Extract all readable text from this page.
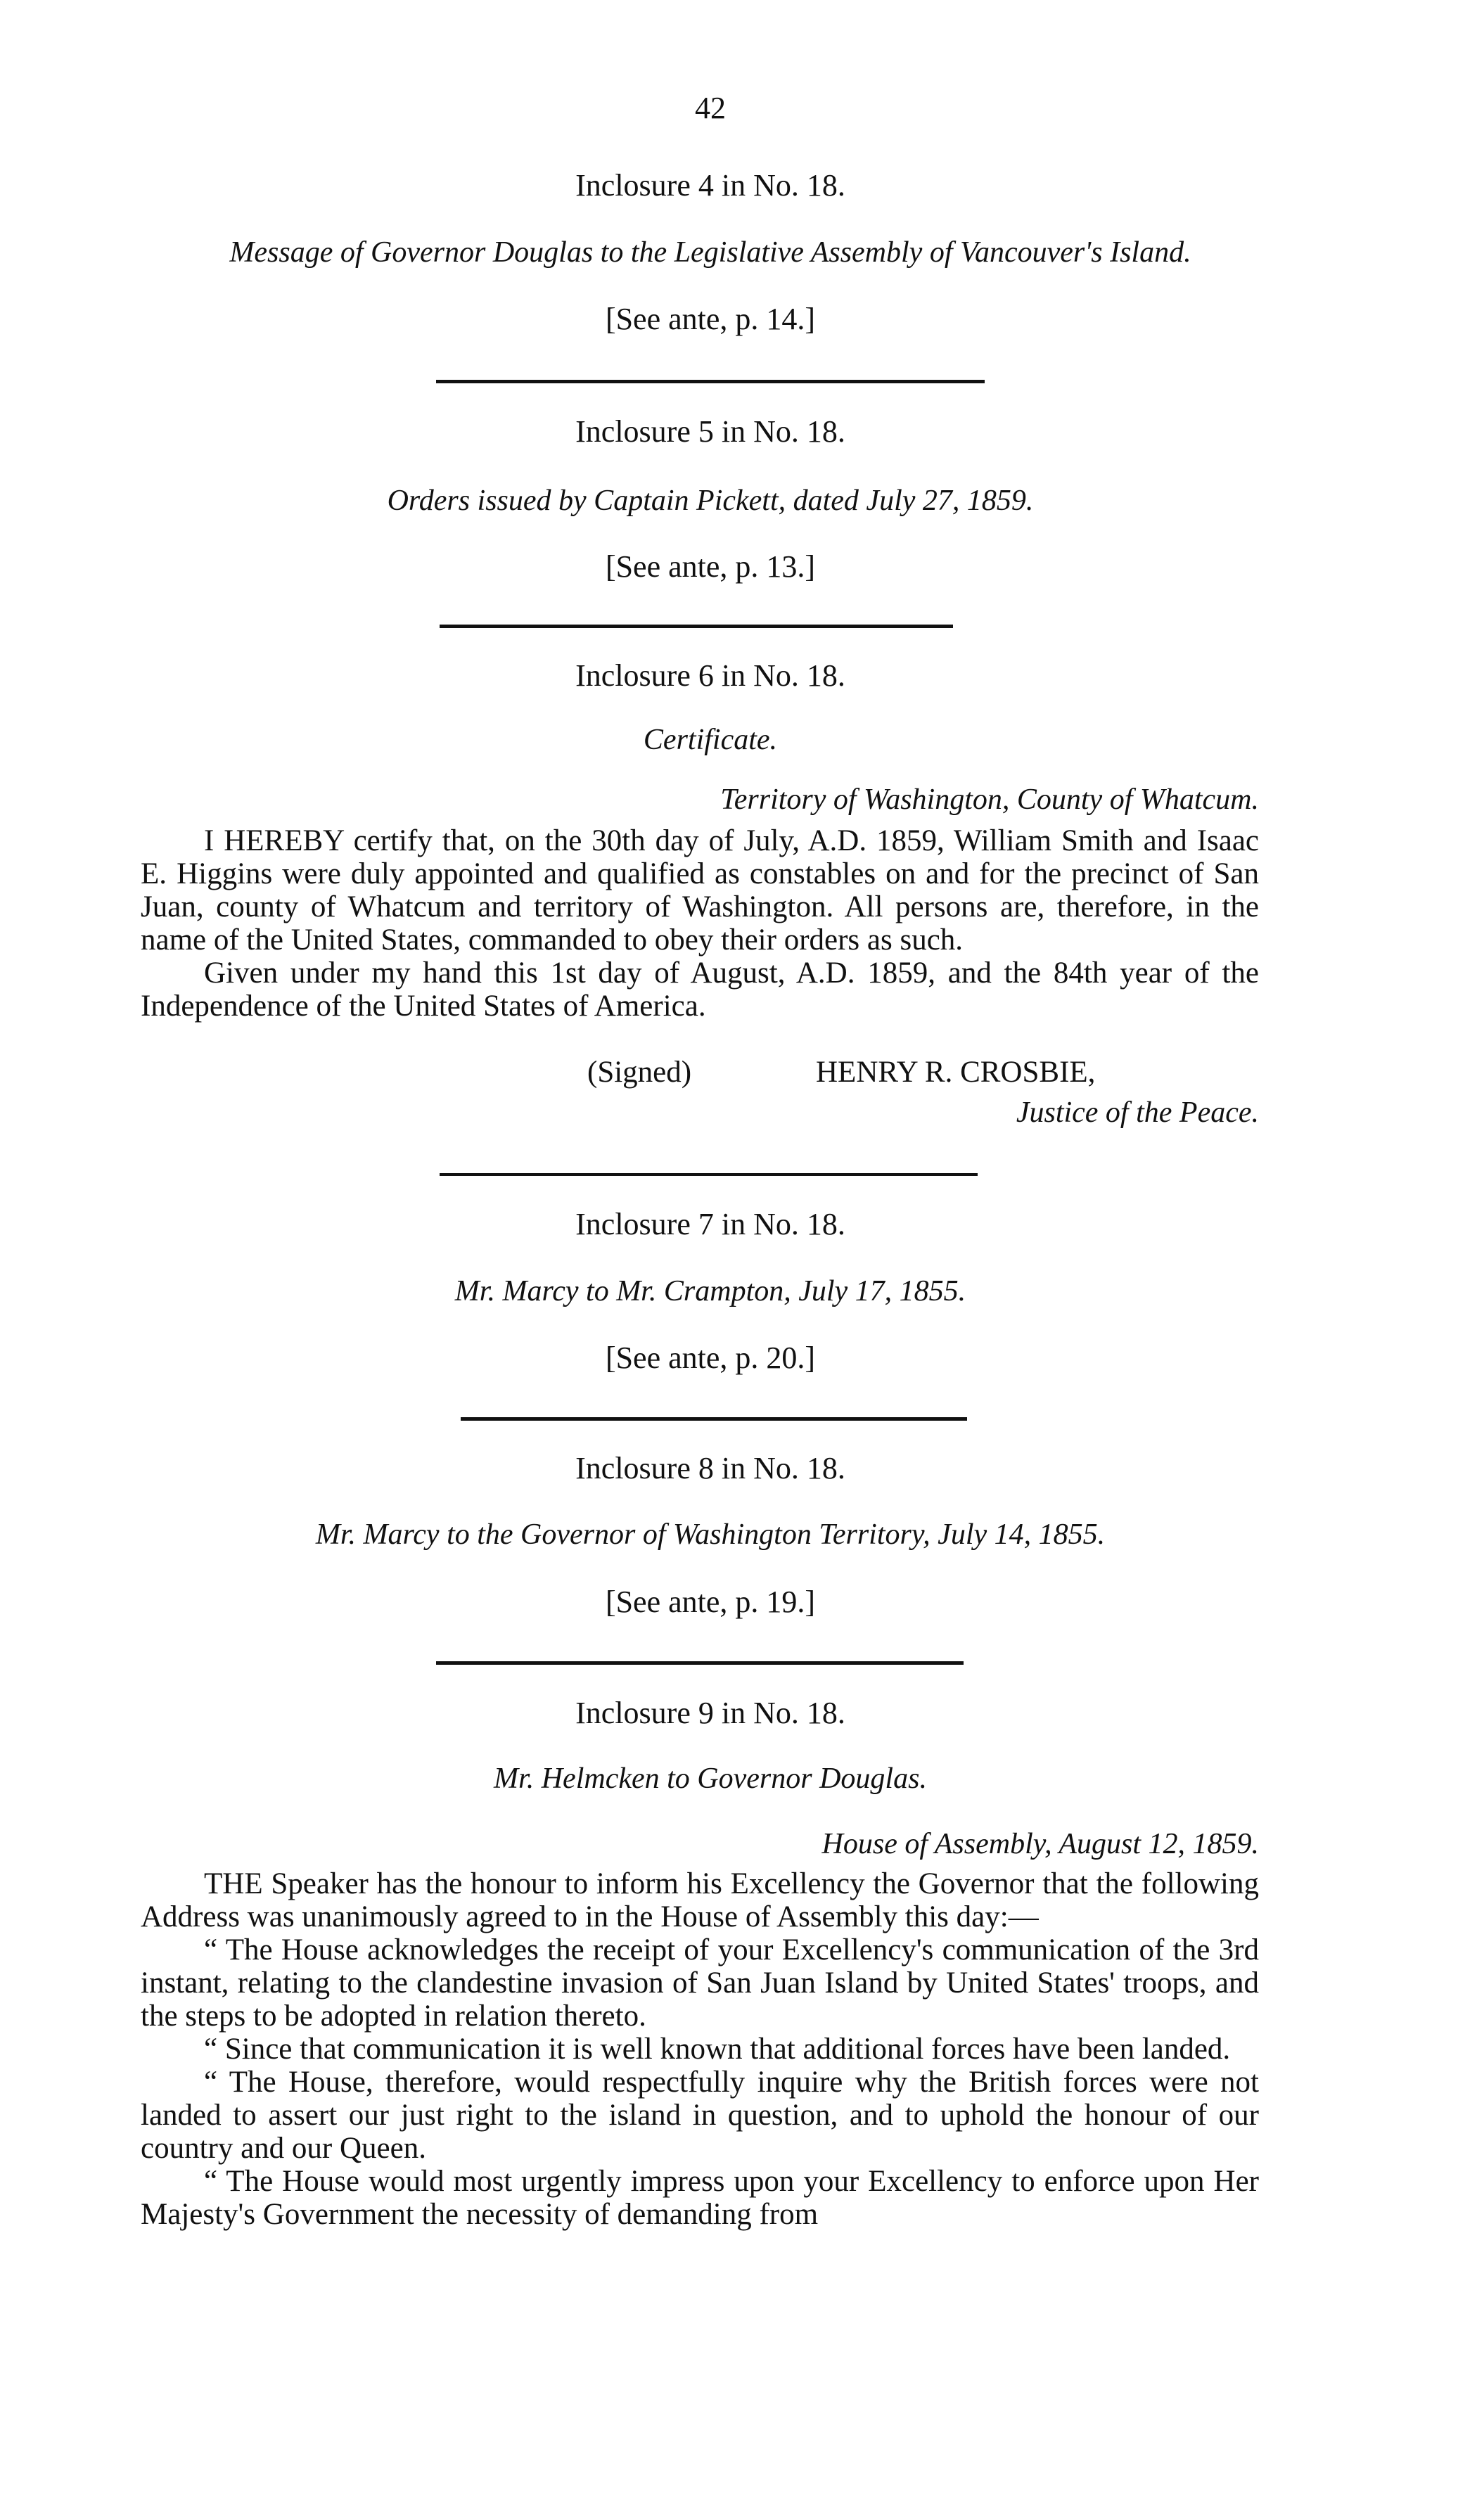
42
Inclosure 4 in No. 18.
Message of Governor Douglas to the Legislative Assembly of Vancouver's Island.
[See ante, p. 14.]
Inclosure 5 in No. 18.
Orders issued by Captain Pickett, dated July 27, 1859.
[See ante, p. 13.]
Inclosure 6 in No. 18.
Certificate.
Territory of Washington, County of Whatcum.

I HEREBY certify that, on the 30th day of July, A.D. 1859, William Smith and Isaac E. Higgins were duly appointed and qualified as constables on and for the precinct of San Juan, county of Whatcum and territory of Washington. All persons are, therefore, in the name of the United States, commanded to obey their orders as such.

Given under my hand this 1st day of August, A.D. 1859, and the 84th year of the Independence of the United States of America.

(Signed)	HENRY R. CROSBIE,
Justice of the Peace.
Inclosure 7 in No. 18.
Mr. Marcy to Mr. Crampton, July 17, 1855.
[See ante, p. 20.]
Inclosure 8 in No. 18.
Mr. Marcy to the Governor of Washington Territory, July 14, 1855.
[See ante, p. 19.]
Inclosure 9 in No. 18.
Mr. Helmcken to Governor Douglas.
House of Assembly, August 12, 1859.

THE Speaker has the honour to inform his Excellency the Governor that the following Address was unanimously agreed to in the House of Assembly this day:—

“ The House acknowledges the receipt of your Excellency's communication of the 3rd instant, relating to the clandestine invasion of San Juan Island by United States' troops, and the steps to be adopted in relation thereto.

“ Since that communication it is well known that additional forces have been landed.

“ The House, therefore, would respectfully inquire why the British forces were not landed to assert our just right to the island in question, and to uphold the honour of our country and our Queen.

“ The House would most urgently impress upon your Excellency to enforce upon Her Majesty's Government the necessity of demanding from
